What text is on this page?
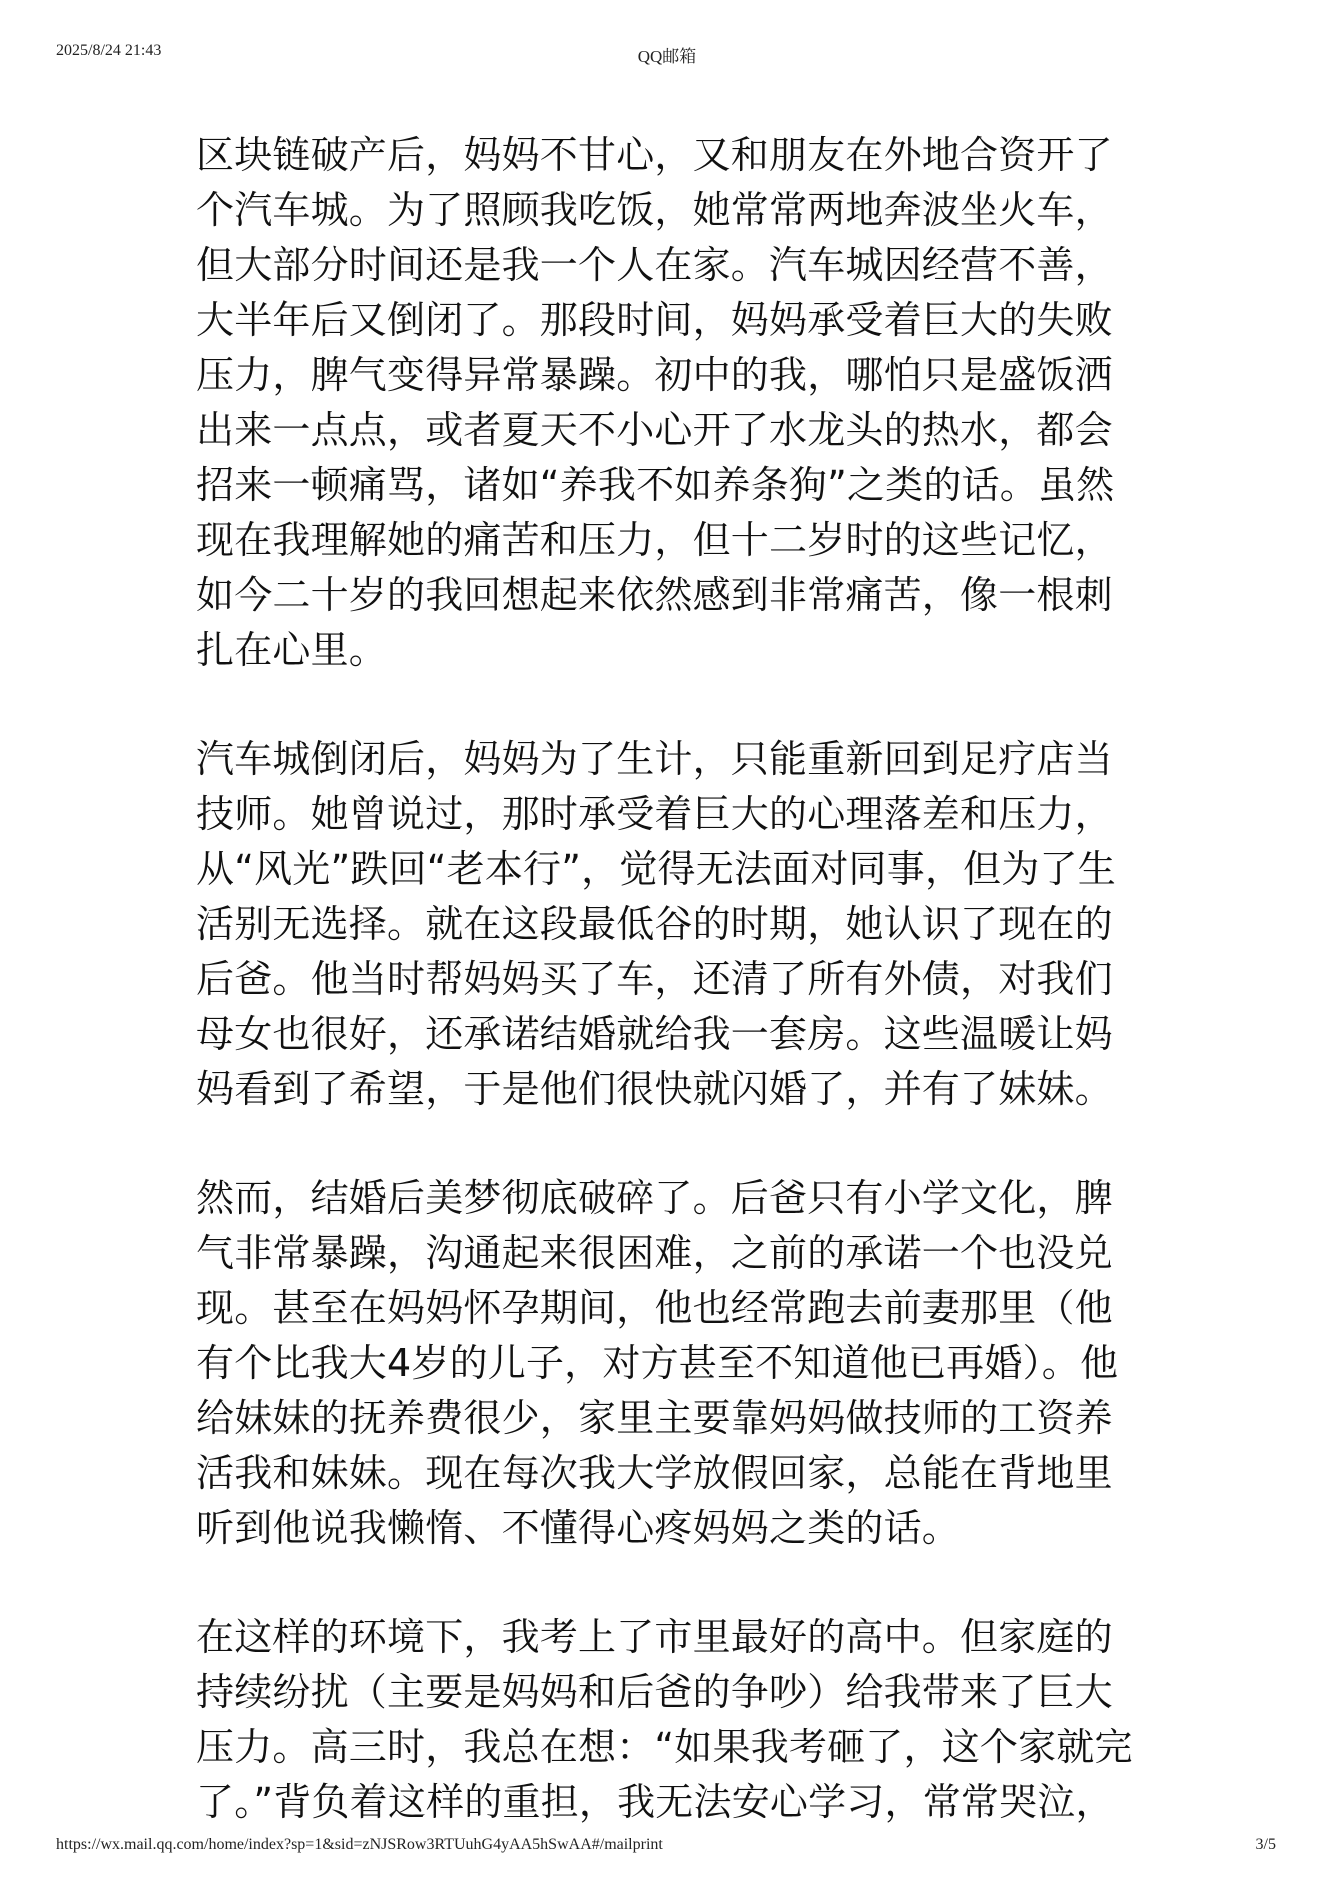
2025/8/24 21:43	QQ邮箱

区块链破产后，妈妈不甘心，又和朋友在外地合资开了
个汽车城。为了照顾我吃饭，她常常两地奔波坐火车，
但大部分时间还是我一个人在家。汽车城因经营不善，
大半年后又倒闭了。那段时间，妈妈承受着巨大的失败
压力，脾气变得异常暴躁。初中的我，哪怕只是盛饭洒
出来一点点，或者夏天不小心开了水龙头的热水，都会
招来一顿痛骂，诸如“养我不如养条狗”之类的话。虽然
现在我理解她的痛苦和压力，但十二岁时的这些记忆，
如今二十岁的我回想起来依然感到非常痛苦，像一根刺
扎在心里。

汽车城倒闭后，妈妈为了生计，只能重新回到足疗店当
技师。她曾说过，那时承受着巨大的心理落差和压力，
从“风光”跌回“老本行”，觉得无法面对同事，但为了生
活别无选择。就在这段最低谷的时期，她认识了现在的
后爸。他当时帮妈妈买了车，还清了所有外债，对我们
母女也很好，还承诺结婚就给我一套房。这些温暖让妈
妈看到了希望，于是他们很快就闪婚了，并有了妹妹。

然而，结婚后美梦彻底破碎了。后爸只有小学文化，脾
气非常暴躁，沟通起来很困难，之前的承诺一个也没兑
现。甚至在妈妈怀孕期间，他也经常跑去前妻那里（他
有个比我大4岁的儿子，对方甚至不知道他已再婚）。他
给妹妹的抚养费很少，家里主要靠妈妈做技师的工资养
活我和妹妹。现在每次我大学放假回家，总能在背地里
听到他说我懒惰、不懂得心疼妈妈之类的话。

在这样的环境下，我考上了市里最好的高中。但家庭的
持续纷扰（主要是妈妈和后爸的争吵）给我带来了巨大
压力。高三时，我总在想：“如果我考砸了，这个家就完
了。”背负着这样的重担，我无法安心学习，常常哭泣，

https://wx.mail.qq.com/home/index?sp=1&sid=zNJSRow3RTUuhG4yAA5hSwAA#/mailprint	3/5
